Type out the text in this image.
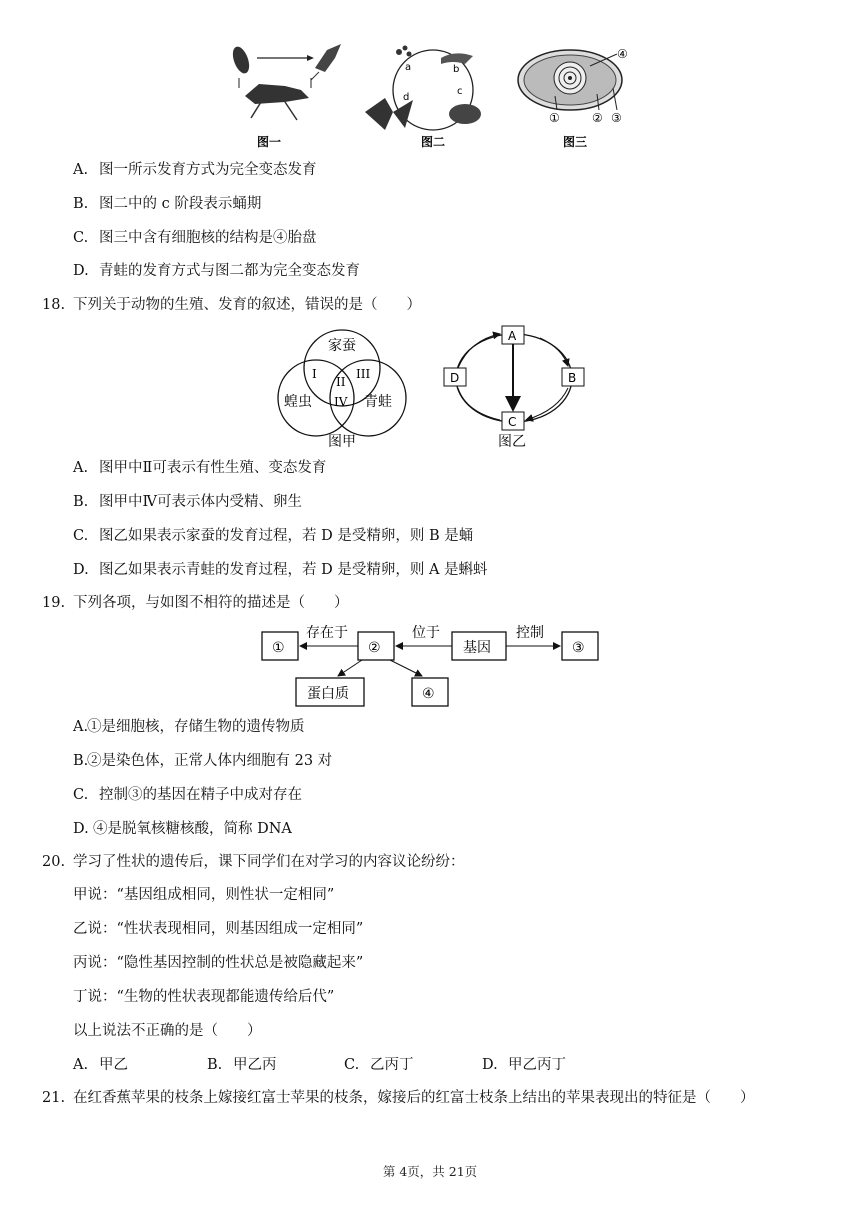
图一
a	b
c
d
图二
①	② ③
④
图三
A. 图一所示发育方式为完全变态发育
B. 图二中的 c 阶段表示蛹期
C. 图三中含有细胞核的结构是④胎盘
D. 青蛙的发育方式与图二都为完全变态发育
18. 下列关于动物的生殖、发育的叙述，错误的是（　　）
家蚕
蝗虫	青蛙
I
II
III
IV
图甲
A
B
C
D
图乙
A. 图甲中Ⅱ可表示有性生殖、变态发育
B. 图甲中Ⅳ可表示体内受精、卵生
C. 图乙如果表示家蚕的发育过程，若 D 是受精卵，则 B 是蛹
D. 图乙如果表示青蛙的发育过程，若 D 是受精卵，则 A 是蝌蚪
19. 下列各项，与如图不相符的描述是（　　）
①	②	基因	③
蛋白质	④
存在于	位于	控制
A.①是细胞核，存储生物的遗传物质
B.②是染色体，正常人体内细胞有 23 对
C. 控制③的基因在精子中成对存在
D. ④是脱氧核糖核酸，简称 DNA
20. 学习了性状的遗传后，课下同学们在对学习的内容议论纷纷：
甲说：“基因组成相同，则性状一定相同”
乙说：“性状表现相同，则基因组成一定相同”
丙说：“隐性基因控制的性状总是被隐藏起来”
丁说：“生物的性状表现都能遗传给后代”
以上说法不正确的是（　　）
A. 甲乙	B. 甲乙丙	C. 乙丙丁	D. 甲乙丙丁
21. 在红香蕉苹果的枝条上嫁接红富士苹果的枝条，嫁接后的红富士枝条上结出的苹果表现出的特征是（　　）
第 4页，共 21页
